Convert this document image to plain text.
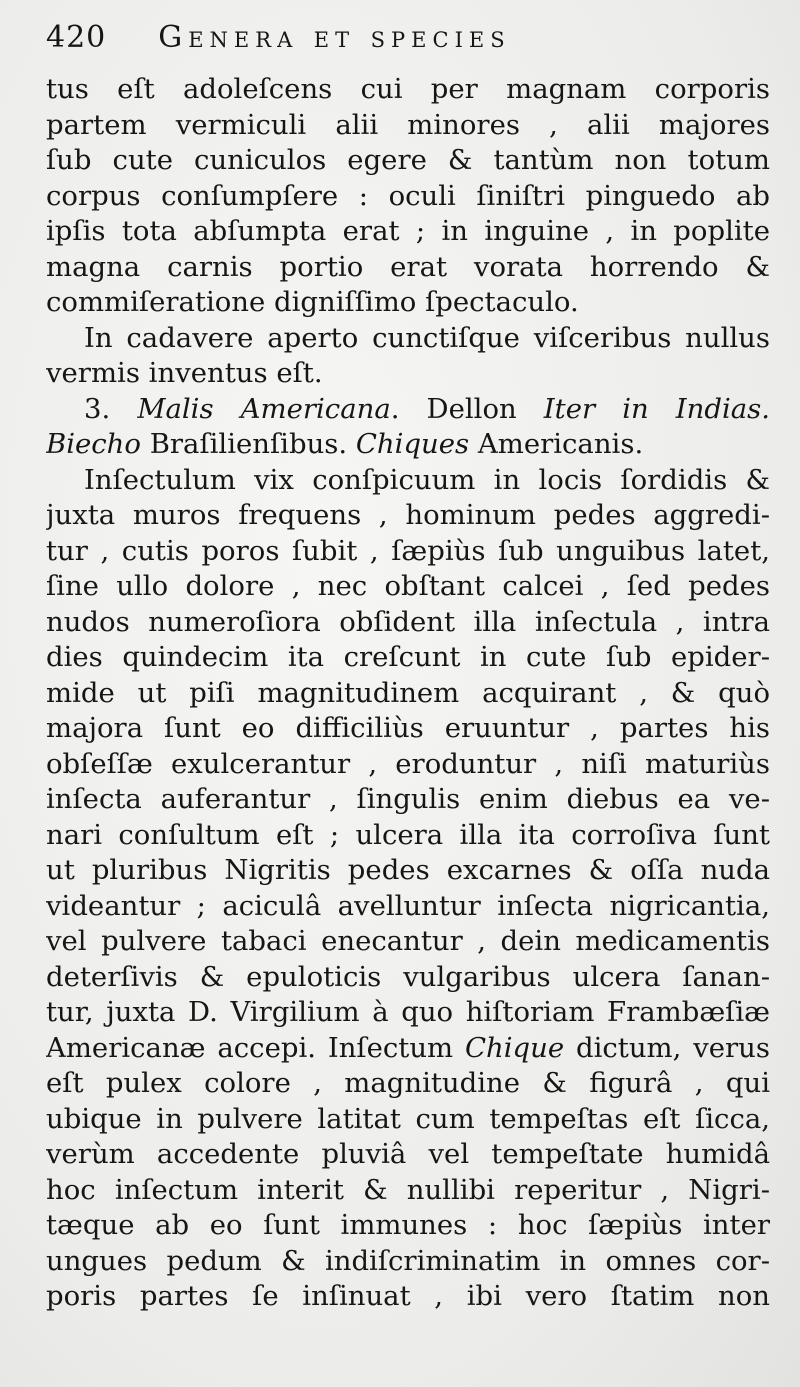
420 Genera et species
tus eſt adoleſcens cui per magnam corporis
partem vermiculi alii minores , alii majores
ſub cute cuniculos egere & tantùm non totum
corpus conſumpſere : oculi ſiniſtri pinguedo ab
ipſis tota abſumpta erat ; in inguine , in poplite
magna carnis portio erat vorata horrendo &
commiſeratione digniſſimo ſpectaculo.
In cadavere aperto cunctiſque viſceribus nullus
vermis inventus eſt.
3. Malis Americana. Dellon Iter in Indias.
Biecho Braſilienſibus. Chiques Americanis.
Inſectulum vix conſpicuum in locis ſordidis &
juxta muros frequens , hominum pedes aggredi-
tur , cutis poros ſubit , ſæpiùs ſub unguibus latet,
ſine ullo dolore , nec obſtant calcei , ſed pedes
nudos numeroſiora obſident illa inſectula , intra
dies quindecim ita creſcunt in cute ſub epider-
mide ut piſi magnitudinem acquirant , & quò
majora ſunt eo difficiliùs eruuntur , partes his
obſeſſæ exulcerantur , eroduntur , niſi maturiùs
inſecta auferantur , ſingulis enim diebus ea ve-
nari conſultum eſt ; ulcera illa ita corroſiva ſunt
ut pluribus Nigritis pedes excarnes & oſſa nuda
videantur ; aciculâ avelluntur inſecta nigricantia,
vel pulvere tabaci enecantur , dein medicamentis
deterſivis & epuloticis vulgaribus ulcera ſanan-
tur, juxta D. Virgilium à quo hiſtoriam Frambæſiæ
Americanæ accepi. Inſectum Chique dictum, verus
eſt pulex colore , magnitudine & figurâ , qui
ubique in pulvere latitat cum tempeſtas eſt ſicca,
verùm accedente pluviâ vel tempeſtate humidâ
hoc inſectum interit & nullibi reperitur , Nigri-
tæque ab eo ſunt immunes : hoc ſæpiùs inter
ungues pedum & indiſcriminatim in omnes cor-
poris partes ſe inſinuat , ibi vero ſtatim non
